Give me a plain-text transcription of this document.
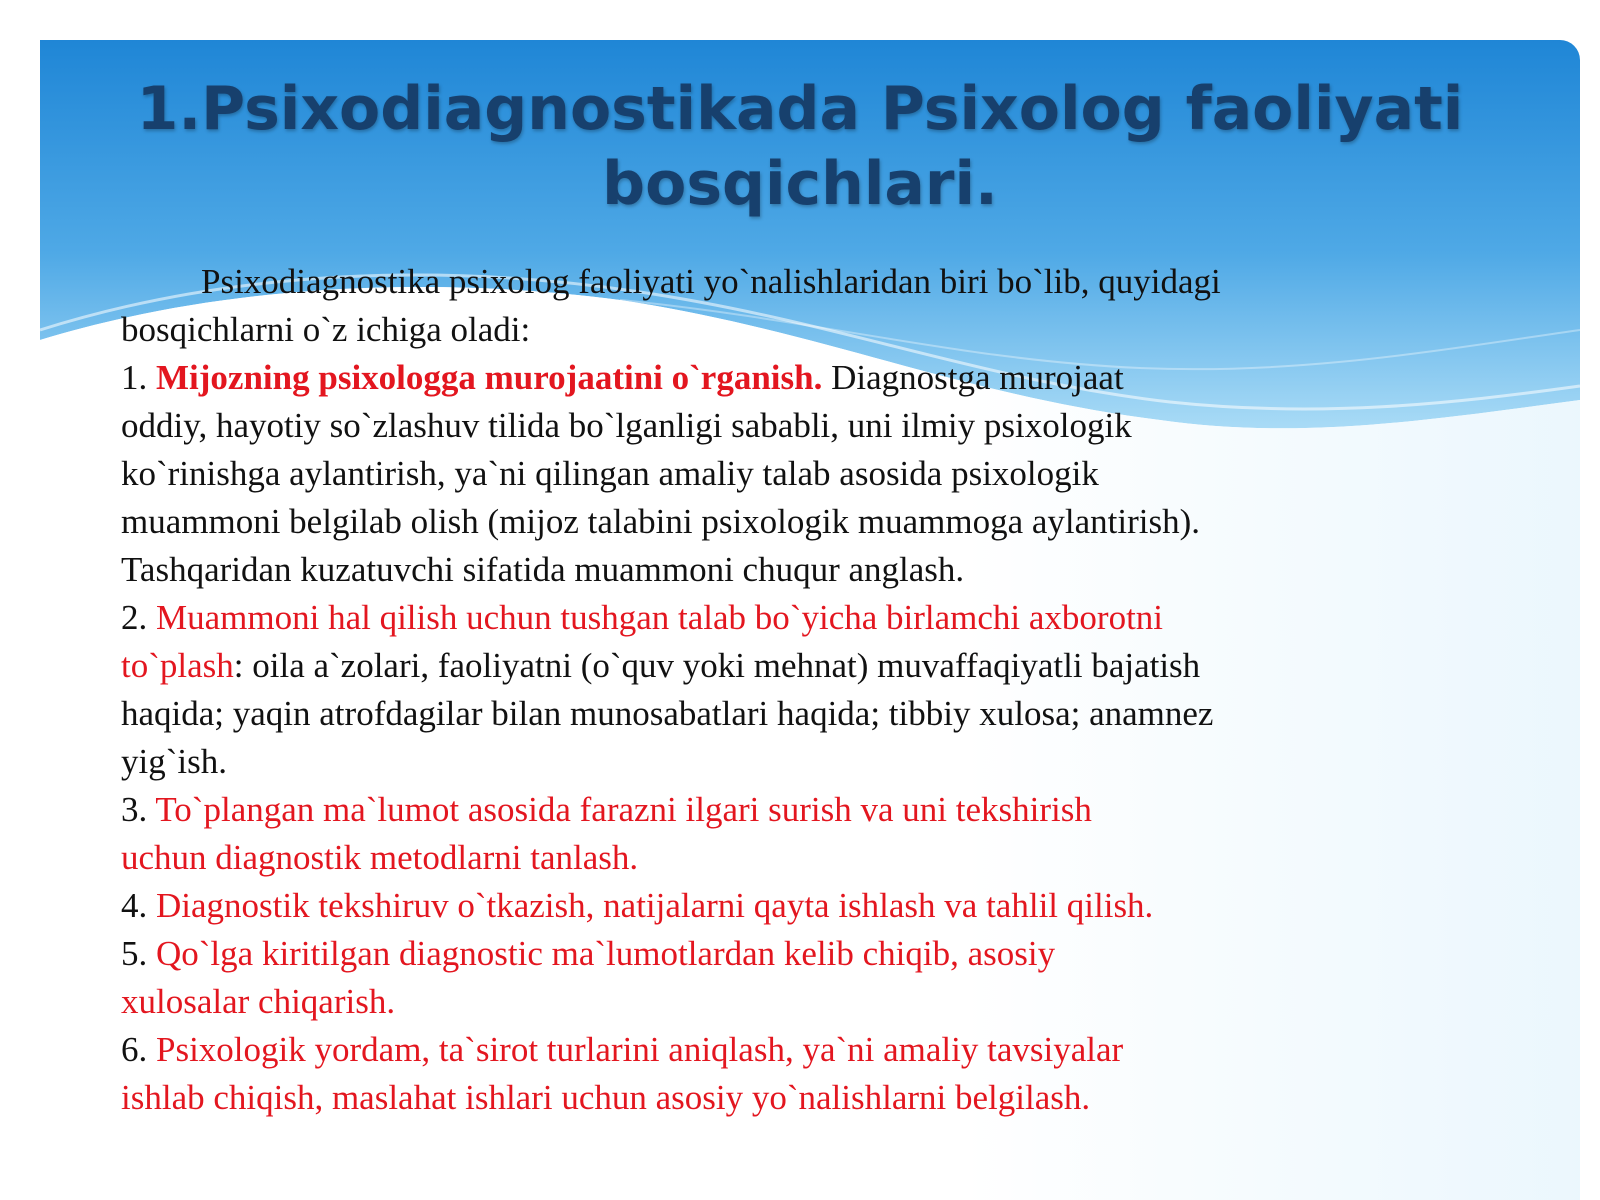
1.Psixodiagnostikada Psixolog faoliyati
bosqichlari.
Psixodiagnostika psixolog faoliyati yo`nalishlaridan biri bo`lib, quyidagi
bosqichlarni o`z ichiga oladi:
1. Mijozning psixologga murojaatini o`rganish. Diagnostga murojaat
oddiy, hayotiy so`zlashuv tilida bo`lganligi sababli, uni ilmiy psixologik
ko`rinishga aylantirish, ya`ni qilingan amaliy talab asosida psixologik
muammoni belgilab olish (mijoz talabini psixologik muammoga aylantirish).
Tashqaridan kuzatuvchi sifatida muammoni chuqur anglash.
2. Muammoni hal qilish uchun tushgan talab bo`yicha birlamchi axborotni
to`plash: oila a`zolari, faoliyatni (o`quv yoki mehnat) muvaffaqiyatli bajatish
haqida; yaqin atrofdagilar bilan munosabatlari haqida; tibbiy xulosa; anamnez
yig`ish.
3. To`plangan ma`lumot asosida farazni ilgari surish va uni tekshirish
uchun diagnostik metodlarni tanlash.
4. Diagnostik tekshiruv o`tkazish, natijalarni qayta ishlash va tahlil qilish.
5. Qo`lga kiritilgan diagnostic ma`lumotlardan kelib chiqib, asosiy
xulosalar chiqarish.
6. Psixologik yordam, ta`sirot turlarini aniqlash, ya`ni amaliy tavsiyalar
ishlab chiqish, maslahat ishlari uchun asosiy yo`nalishlarni belgilash.
